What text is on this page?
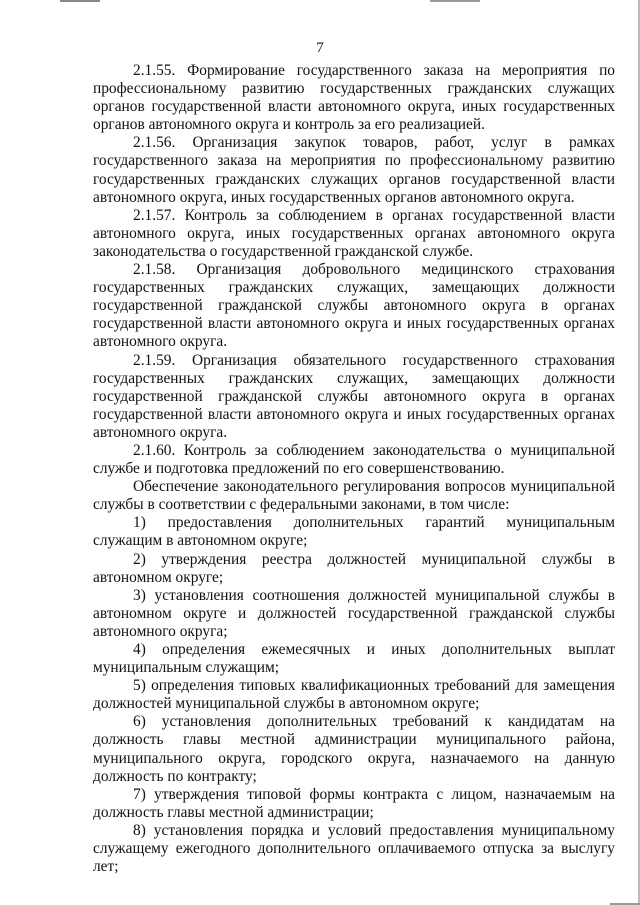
7

2.1.55. Формирование государственного заказа на мероприятия по профессиональному развитию государственных гражданских служащих органов государственной власти автономного округа, иных государственных органов автономного округа и контроль за его реализацией.

2.1.56. Организация закупок товаров, работ, услуг в рамках государственного заказа на мероприятия по профессиональному развитию государственных гражданских служащих органов государственной власти автономного округа, иных государственных органов автономного округа.

2.1.57. Контроль за соблюдением в органах государственной власти автономного округа, иных государственных органах автономного округа законодательства о государственной гражданской службе.

2.1.58. Организация добровольного медицинского страхования государственных гражданских служащих, замещающих должности государственной гражданской службы автономного округа в органах государственной власти автономного округа и иных государственных органах автономного округа.

2.1.59. Организация обязательного государственного страхования государственных гражданских служащих, замещающих должности государственной гражданской службы автономного округа в органах государственной власти автономного округа и иных государственных органах автономного округа.

2.1.60. Контроль за соблюдением законодательства о муниципальной службе и подготовка предложений по его совершенствованию.

Обеспечение законодательного регулирования вопросов муниципальной службы в соответствии с федеральными законами, в том числе:

1) предоставления дополнительных гарантий муниципальным служащим в автономном округе;

2) утверждения реестра должностей муниципальной службы в автономном округе;

3) установления соотношения должностей муниципальной службы в автономном округе и должностей государственной гражданской службы автономного округа;

4) определения ежемесячных и иных дополнительных выплат муниципальным служащим;

5) определения типовых квалификационных требований для замещения должностей муниципальной службы в автономном округе;

6) установления дополнительных требований к кандидатам на должность главы местной администрации муниципального района, муниципального округа, городского округа, назначаемого на данную должность по контракту;

7) утверждения типовой формы контракта с лицом, назначаемым на должность главы местной администрации;

8) установления порядка и условий предоставления муниципальному служащему ежегодного дополнительного оплачиваемого отпуска за выслугу лет;
